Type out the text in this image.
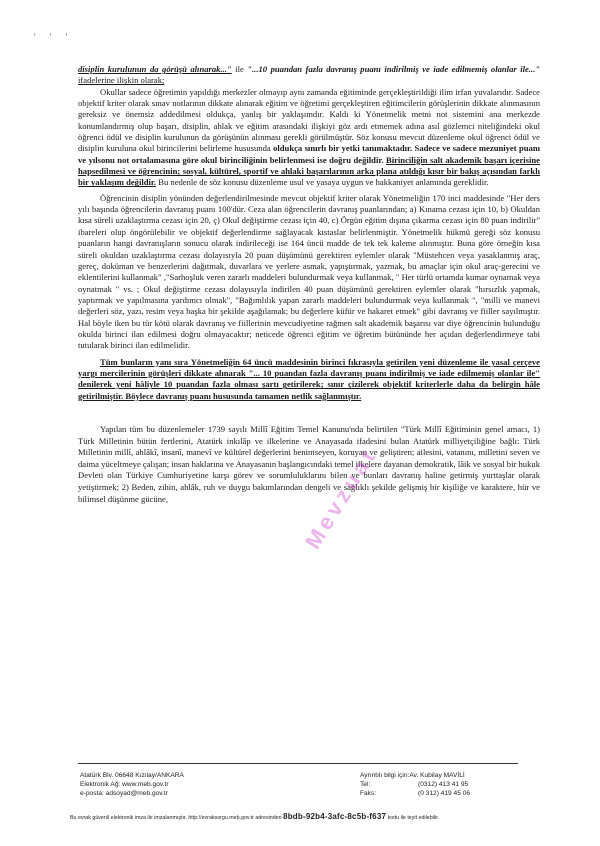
' ' '

disiplin kurulunun da görüşü alınarak..." ile "...10 puandan fazla davranış puanı indirilmiş ve iade edilmemiş olanlar ile..." ifadelerine ilişkin olarak;

Okullar sadece öğretimin yapıldığı merkezler olmayıp aynı zamanda eğitiminde gerçekleştirildiği ilim irfan yuvalarıdır. Sadece objektif kriter olarak sınav notlarının dikkate alınarak eğitim ve öğretimi gerçekleştiren eğitimcilerin görüşlerinin dikkate alınmasının gereksiz ve önemsiz addedilmesi oldukça, yanlış bir yaklaşımdır. Kaldı ki Yönetmelik metni not sistemini ana merkezde konumlandırmış olup başarı, disiplin, ahlak ve eğitim arasındaki ilişkiyi göz ardı etmemek adına asıl gözlemci niteliğindeki okul öğrenci ödül ve disiplin kurulunun da görüşünün alınması gerekli görülmüştür. Söz konusu mevcut düzenleme okul öğrenci ödül ve disiplin kuruluna okul birincilerini belirleme hususunda oldukça sınırlı bir yetki tanımaktadır. Sadece ve sadece mezuniyet puanı ve yılsonu not ortalamasına göre okul birinciliğinin belirlenmesi ise doğru değildir. Birinciliğin salt akademik başarı içerisine hapsedilmesi ve öğrencinin; sosyal, kültürel, sportif ve ahlaki başarılarının arka plana atıldığı kısır bir bakış açısından farklı bir yaklaşım değildir. Bu nedenle de söz konusu düzenleme usul ve yasaya uygun ve hakkaniyet anlamında gereklidir.

Öğrencinin disiplin yönünden değerlendirilmesinde mevcut objektif kriter olarak Yönetmeliğin 170 inci maddesinde "Her ders yılı başında öğrencilerin davranış puanı 100'dür. Ceza alan öğrencilerin davranış puanlarından; a) Kınama cezası için 10, b) Okuldan kısa süreli uzaklaştırma cezası için 20, ç) Okul değiştirme cezası için 40, c) Örgün eğitim dışına çıkarma cezası için 80 puan indirilir" ibareleri olup öngörülebilir ve objektif değerlendirme sağlayacak kıstaslar belirlenmiştir. Yönetmelik hükmü gereği söz konusu puanların hangi davranışların sonucu olarak indirileceği ise 164 üncü madde de tek tek kaleme alınmıştır. Buna göre örneğin kısa süreli okuldan uzaklaştırma cezası dolayısıyla 20 puan düşümünü gerektiren eylemler olarak "Müstehcen veya yasaklanmış araç, gereç, doküman ve benzerlerini dağıtmak, duvarlara ve yerlere asmak, yapıştırmak, yazmak, bu amaçlar için okul araç-gerecini ve eklentilerini kullanmak" ,"Sarhoşluk veren zararlı maddeleri bulundurmak veya kullanmak, " Her türlü ortamda kumar oynamak veya oynatmak " vs. ; Okul değiştirme cezası dolayısıyla indirilen 40 puan düşümünü gerektiren eylemler olarak "hırsızlık yapmak, yaptırmak ve yapılmasına yardımcı olmak", "Bağımlılık yapan zararlı maddeleri bulundurmak veya kullanmak ", "milli ve manevi değerleri söz, yazı, resim veya başka bir şekilde aşağılamak; bu değerlere küfür ve hakaret etmek" gibi davranış ve fiiller sayılmıştır. Hal böyle iken bu tür kötü olarak davranış ve fiillerinin mevcudiyetine rağmen salt akademik başarısı var diye öğrencinin bulunduğu okulda birinci ilan edilmesi doğru olmayacaktır; neticede öğrenci eğitim ve öğretim bütününde her açıdan değerlendirmeye tabi tutularak birinci ilan edilmelidir.

Tüm bunların yanı sıra Yönetmeliğin 64 üncü maddesinin birinci fıkrasıyla getirilen yeni düzenleme ile yasal çerçeve yargı mercilerinin görüşleri dikkate alınarak "... 10 puandan fazla davranış puanı indirilmiş ve iade edilmemiş olanlar ile" denilerek yeni hâliyle 10 puandan fazla olması şartı getirilerek; sınır çizilerek objektif kriterlerle daha da belirgin hâle getirilmiştir. Böylece davranış puanı hususunda tamamen netlik sağlanmıştır.

Yapılan tüm bu düzenlemeler 1739 sayılı Millî Eğitim Temel Kanunu'nda belirtilen "Türk Millî Eğitiminin genel amacı, 1) Türk Milletinin bütün fertlerini, Atatürk inkılâp ve ilkelerine ve Anayasada ifadesini bulan Atatürk milliyetçiliğine bağlı: Türk Milletinin millî, ahlâkî, insanî, manevî ve kültürel değerlerini benimseyen, koruyan ve geliştiren; ailesini, vatanını, milletini seven ve daima yüceltmeye çalışan; insan haklarına ve Anayasanın başlangıcındaki temel ilkelere dayanan demokratik, lâik ve sosyal bir hukuk Devleti olan Türkiye Cumhuriyetine karşı görev ve sorumluluklarını bilen ve bunları davranış haline getirmiş yurttaşlar olarak yetiştirmek; 2) Beden, zihin, ahlâk, ruh ve duygu bakımlarından dengeli ve sağlıklı şekilde gelişmiş bir kişiliğe ve karaktere, hür ve bilimsel düşünme gücüne,	Mevzuat
Atatürk Blv. 06648 Kızılay/ANKARA
Elektronik Ağ: www.meb.gov.tr
e-posta: adsoyad@meb.gov.tr
Ayrıntılı bilgi için: Av. Kubilay MAVİLİ
Tel:	(0312) 413 41 95
Faks:	(0 312) 419 45 06
Bu evrak güvenli elektronik imza ile imzalanmıştır. http://evraksorgu.meb.gov.tr adresinden 8bdb-92b4-3afc-8c5b-f637 kodu ile teyit edilebilir.
